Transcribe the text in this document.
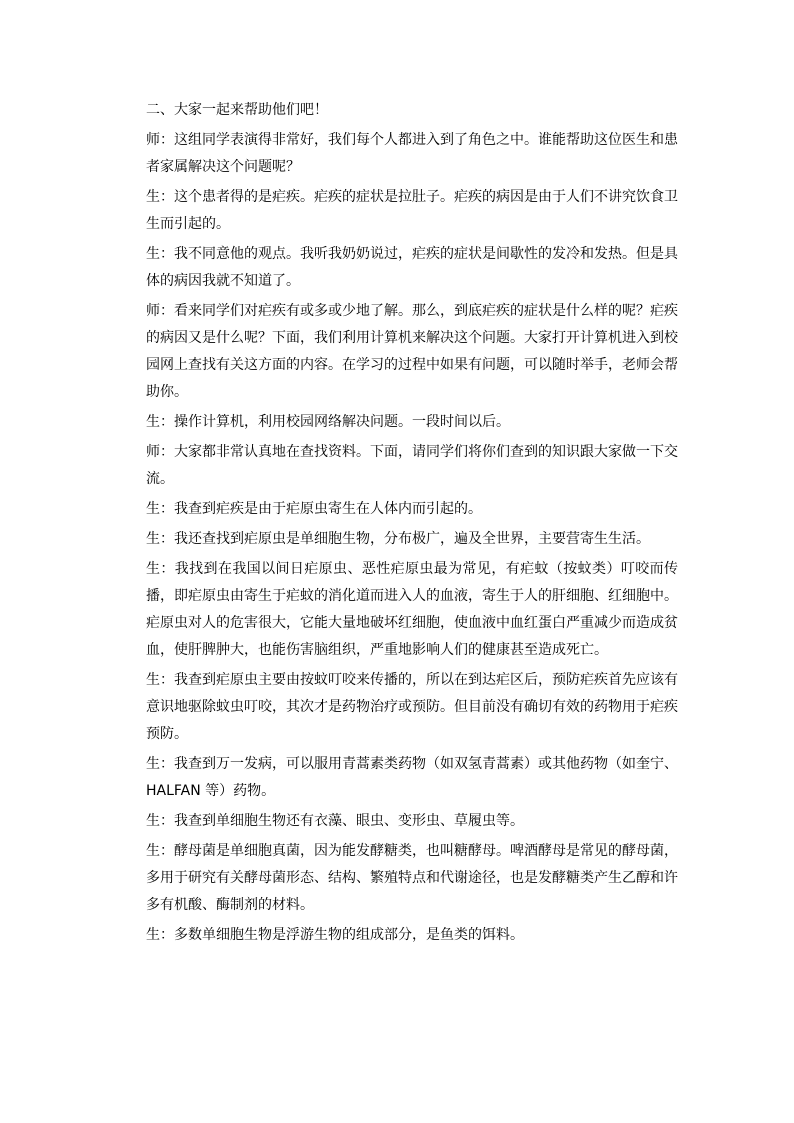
二、大家一起来帮助他们吧！

师：这组同学表演得非常好，我们每个人都进入到了角色之中。谁能帮助这位医生和患者家属解决这个问题呢？

生：这个患者得的是疟疾。疟疾的症状是拉肚子。疟疾的病因是由于人们不讲究饮食卫生而引起的。

生：我不同意他的观点。我听我奶奶说过，疟疾的症状是间歇性的发冷和发热。但是具体的病因我就不知道了。

师：看来同学们对疟疾有或多或少地了解。那么，到底疟疾的症状是什么样的呢？疟疾的病因又是什么呢？下面，我们利用计算机来解决这个问题。大家打开计算机进入到校园网上查找有关这方面的内容。在学习的过程中如果有问题，可以随时举手，老师会帮助你。

生：操作计算机，利用校园网络解决问题。一段时间以后。

师：大家都非常认真地在查找资料。下面，请同学们将你们查到的知识跟大家做一下交流。

生：我查到疟疾是由于疟原虫寄生在人体内而引起的。

生：我还查找到疟原虫是单细胞生物，分布极广，遍及全世界，主要营寄生生活。

生：我找到在我国以间日疟原虫、恶性疟原虫最为常见，有疟蚊（按蚊类）叮咬而传播，即疟原虫由寄生于疟蚊的消化道而进入人的血液，寄生于人的肝细胞、红细胞中。疟原虫对人的危害很大，它能大量地破坏红细胞，使血液中血红蛋白严重减少而造成贫血，使肝脾肿大，也能伤害脑组织，严重地影响人们的健康甚至造成死亡。

生：我查到疟原虫主要由按蚊叮咬来传播的，所以在到达疟区后，预防疟疾首先应该有意识地驱除蚊虫叮咬，其次才是药物治疗或预防。但目前没有确切有效的药物用于疟疾预防。

生：我查到万一发病，可以服用青蒿素类药物（如双氢青蒿素）或其他药物（如奎宁、HALFAN 等）药物。

生：我查到单细胞生物还有衣藻、眼虫、变形虫、草履虫等。

生：酵母菌是单细胞真菌，因为能发酵糖类，也叫糖酵母。啤酒酵母是常见的酵母菌，多用于研究有关酵母菌形态、结构、繁殖特点和代谢途径，也是发酵糖类产生乙醇和许多有机酸、酶制剂的材料。

生：多数单细胞生物是浮游生物的组成部分，是鱼类的饵料。
